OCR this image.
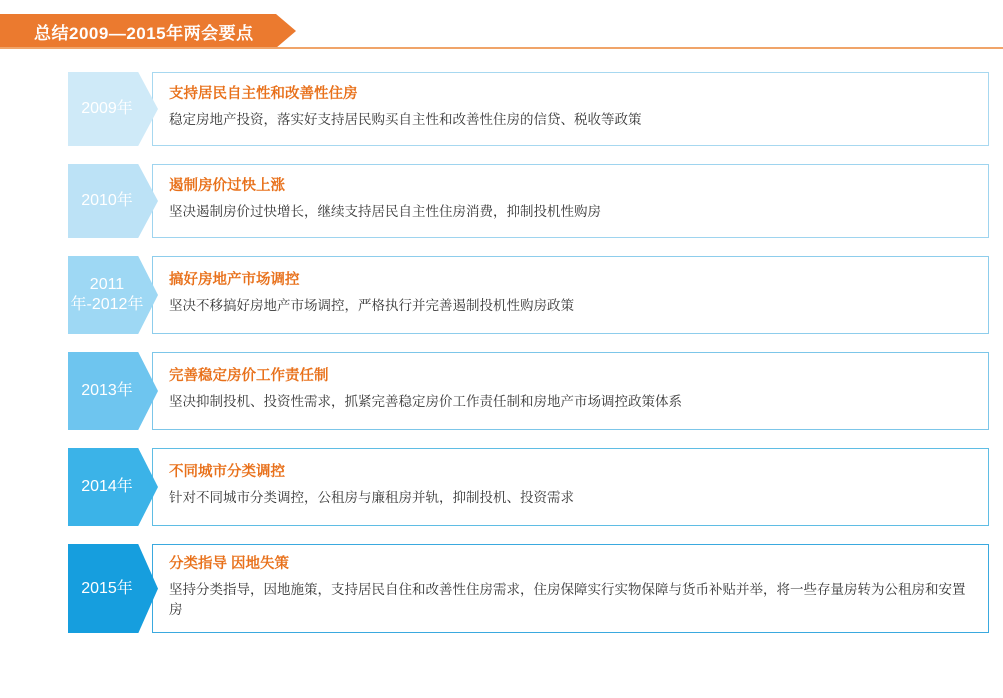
总结2009—2015年两会要点
2009年
支持居民自主性和改善性住房
稳定房地产投资，落实好支持居民购买自主性和改善性住房的信贷、税收等政策
2010年
遏制房价过快上涨
坚决遏制房价过快增长，继续支持居民自主性住房消费，抑制投机性购房
2011年-2012年
搞好房地产市场调控
坚决不移搞好房地产市场调控，严格执行并完善遏制投机性购房政策
2013年
完善稳定房价工作责任制
坚决抑制投机、投资性需求，抓紧完善稳定房价工作责任制和房地产市场调控政策体系
2014年
不同城市分类调控
针对不同城市分类调控，公租房与廉租房并轨，抑制投机、投资需求
2015年
分类指导 因地失策
坚持分类指导，因地施策，支持居民自住和改善性住房需求，住房保障实行实物保障与货币补贴并举，将一些存量房转为公租房和安置房
